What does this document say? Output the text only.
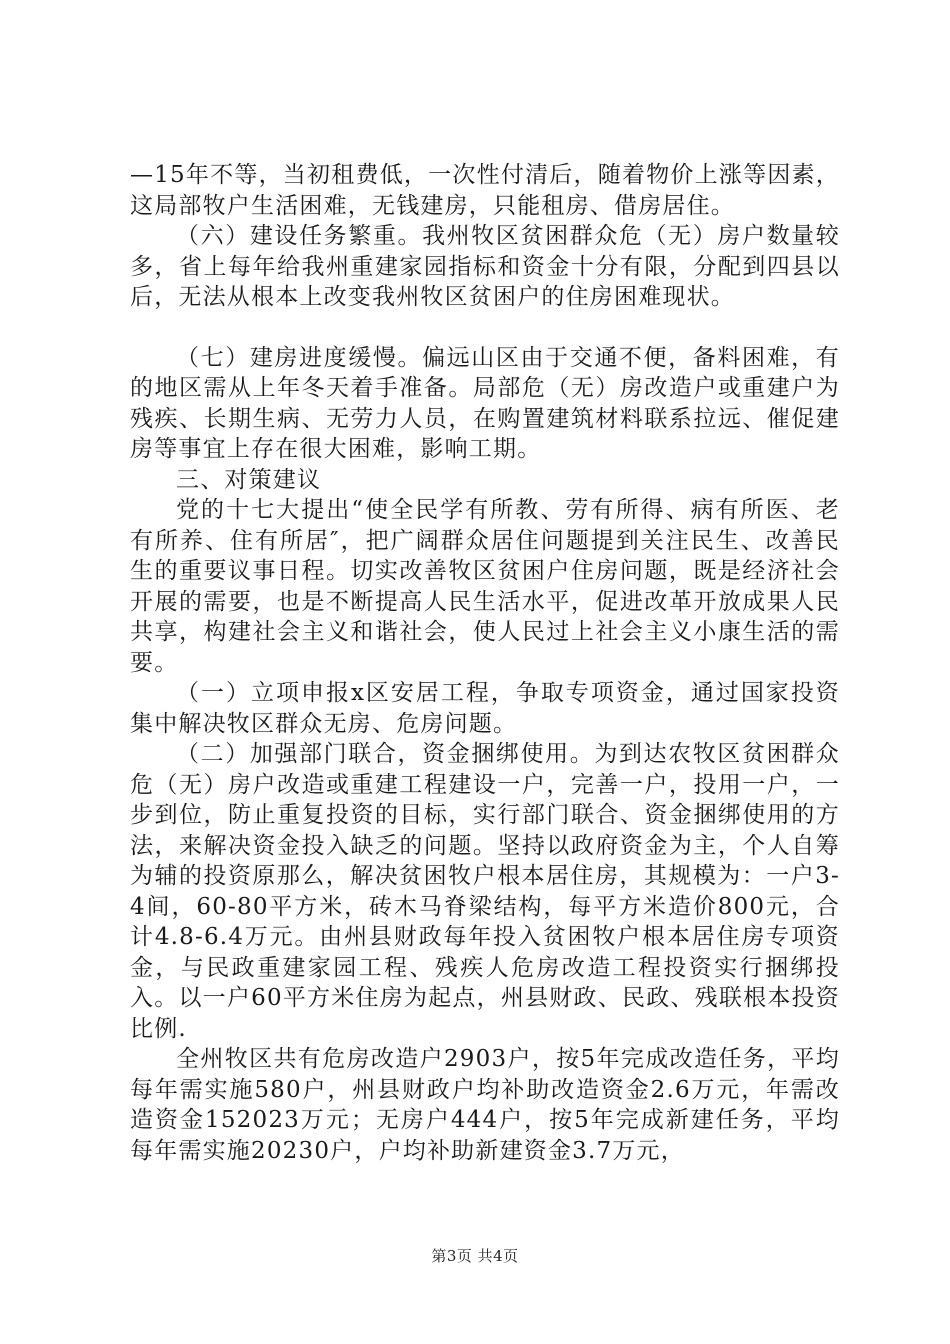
—15年不等，当初租费低，一次性付清后，随着物价上涨等因素，这局部牧户生活困难，无钱建房，只能租房、借房居住。

（六）建设任务繁重。我州牧区贫困群众危（无）房户数量较多，省上每年给我州重建家园指标和资金十分有限，分配到四县以后，无法从根本上改变我州牧区贫困户的住房困难现状。

（七）建房进度缓慢。偏远山区由于交通不便，备料困难，有的地区需从上年冬天着手准备。局部危（无）房改造户或重建户为残疾、长期生病、无劳力人员，在购置建筑材料联系拉远、催促建房等事宜上存在很大困难，影响工期。

三、对策建议

党的十七大提出“使全民学有所教、劳有所得、病有所医、老有所养、住有所居″，把广阔群众居住问题提到关注民生、改善民生的重要议事日程。切实改善牧区贫困户住房问题，既是经济社会开展的需要，也是不断提高人民生活水平，促进改革开放成果人民共享，构建社会主义和谐社会，使人民过上社会主义小康生活的需要。

（一）立项申报x区安居工程，争取专项资金，通过国家投资集中解决牧区群众无房、危房问题。

（二）加强部门联合，资金捆绑使用。为到达农牧区贫困群众危（无）房户改造或重建工程建设一户，完善一户，投用一户，一步到位，防止重复投资的目标，实行部门联合、资金捆绑使用的方法，来解决资金投入缺乏的问题。坚持以政府资金为主，个人自筹为辅的投资原那么，解决贫困牧户根本居住房，其规模为：一户3-4间，60-80平方米，砖木马脊梁结构，每平方米造价800元，合计4.8-6.4万元。由州县财政每年投入贫困牧户根本居住房专项资金，与民政重建家园工程、残疾人危房改造工程投资实行捆绑投入。以一户60平方米住房为起点，州县财政、民政、残联根本投资比例.

全州牧区共有危房改造户2903户，按5年完成改造任务，平均每年需实施580户，州县财政户均补助改造资金2.6万元，年需改造资金152023万元；无房户444户，按5年完成新建任务，平均每年需实施20230户，户均补助新建资金3.7万元，

第3页 共4页
